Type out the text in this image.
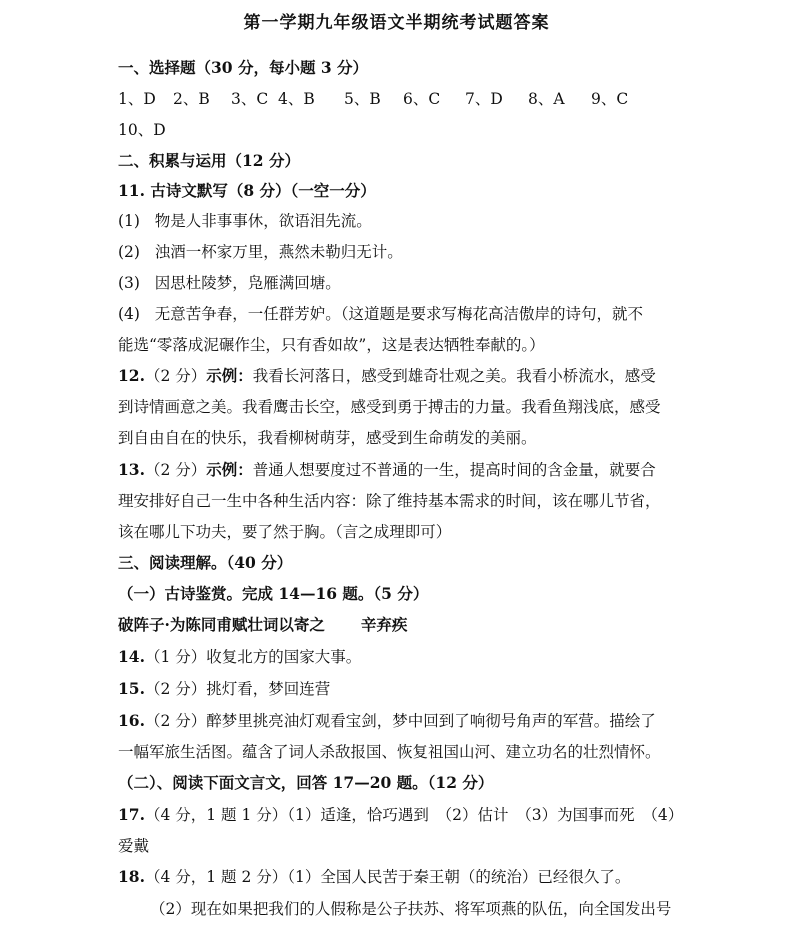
第一学期九年级语文半期统考试题答案
一、选择题（30 分，每小题 3 分）
1、D 2、B 3、C 4、B 5、B 6、C 7、D 8、A 9、C
10、D
二、积累与运用（12 分）
11. 古诗文默写（8 分）（一空一分）
(1) 物是人非事事休，欲语泪先流。
(2) 浊酒一杯家万里，燕然未勒归无计。
(3) 因思杜陵梦，凫雁满回塘。
(4) 无意苦争春，一任群芳妒。（这道题是要求写梅花高洁傲岸的诗句，就不
能选“零落成泥碾作尘，只有香如故”，这是表达牺牲奉献的。）
12.（2 分）示例：我看长河落日，感受到雄奇壮观之美。我看小桥流水，感受
到诗情画意之美。我看鹰击长空，感受到勇于搏击的力量。我看鱼翔浅底，感受
到自由自在的快乐，我看柳树萌芽，感受到生命萌发的美丽。
13.（2 分）示例：普通人想要度过不普通的一生，提高时间的含金量，就要合
理安排好自己一生中各种生活内容：除了维持基本需求的时间，该在哪儿节省，
该在哪儿下功夫，要了然于胸。（言之成理即可）
三、阅读理解。（40 分）
（一）古诗鉴赏。完成 14—16 题。（5 分）
破阵子·为陈同甫赋壮词以寄之 辛弃疾
14.（1 分）收复北方的国家大事。
15.（2 分）挑灯看，梦回连营
16.（2 分）醉梦里挑亮油灯观看宝剑，梦中回到了响彻号角声的军营。描绘了
一幅军旅生活图。蕴含了词人杀敌报国、恢复祖国山河、建立功名的壮烈情怀。
（二）、阅读下面文言文，回答 17—20 题。（12 分）
17.（4 分，1 题 1 分）（1）适逢，恰巧遇到　（2）估计　（3）为国事而死　（4）
爱戴
18.（4 分，1 题 2 分）（1）全国人民苦于秦王朝（的统治）已经很久了。
（2）现在如果把我们的人假称是公子扶苏、将军项燕的队伍，向全国发出号
